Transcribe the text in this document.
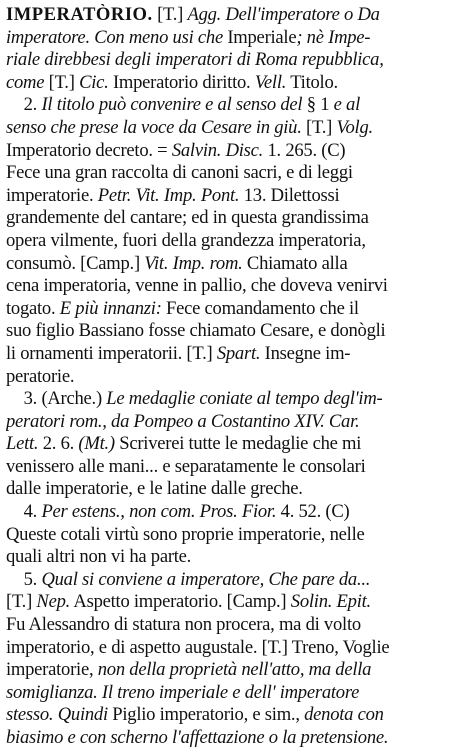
IMPERATÒRIO. [T.] Agg. Dell'imperatore o Da
imperatore. Con meno usi che Imperiale; nè Impe-
riale direbbesi degli imperatori di Roma repubblica,
come [T.] Cic. Imperatorio diritto. Vell. Titolo.
2. Il titolo può convenire e al senso del § 1 e al
senso che prese la voce da Cesare in giù. [T.] Volg.
Imperatorio decreto. = Salvin. Disc. 1. 265. (C)
Fece una gran raccolta di canoni sacri, e di leggi
imperatorie. Petr. Vit. Imp. Pont. 13. Dilettossi
grandemente del cantare; ed in questa grandissima
opera vilmente, fuori della grandezza imperatoria,
consumò. [Camp.] Vit. Imp. rom. Chiamato alla
cena imperatoria, venne in pallio, che doveva venirvi
togato. E più innanzi: Fece comandamento che il
suo figlio Bassiano fosse chiamato Cesare, e donògli
li ornamenti imperatorii. [T.] Spart. Insegne im-
peratorie.
3. (Arche.) Le medaglie coniate al tempo degl'im-
peratori rom., da Pompeo a Costantino XIV. Car.
Lett. 2. 6. (Mt.) Scriverei tutte le medaglie che mi
venissero alle mani... e separatamente le consolari
dalle imperatorie, e le latine dalle greche.
4. Per estens., non com. Pros. Fior. 4. 52. (C)
Queste cotali virtù sono proprie imperatorie, nelle
quali altri non vi ha parte.
5. Qual si conviene a imperatore, Che pare da...
[T.] Nep. Aspetto imperatorio. [Camp.] Solin. Epit.
Fu Alessandro di statura non procera, ma di volto
imperatorio, e di aspetto augustale. [T.] Treno, Voglie
imperatorie, non della proprietà nell'atto, ma della
somiglianza. Il treno imperiale e dell' imperatore
stesso. Quindi Piglio imperatorio, e sim., denota con
biasimo e con scherno l'affettazione o la pretensione.
